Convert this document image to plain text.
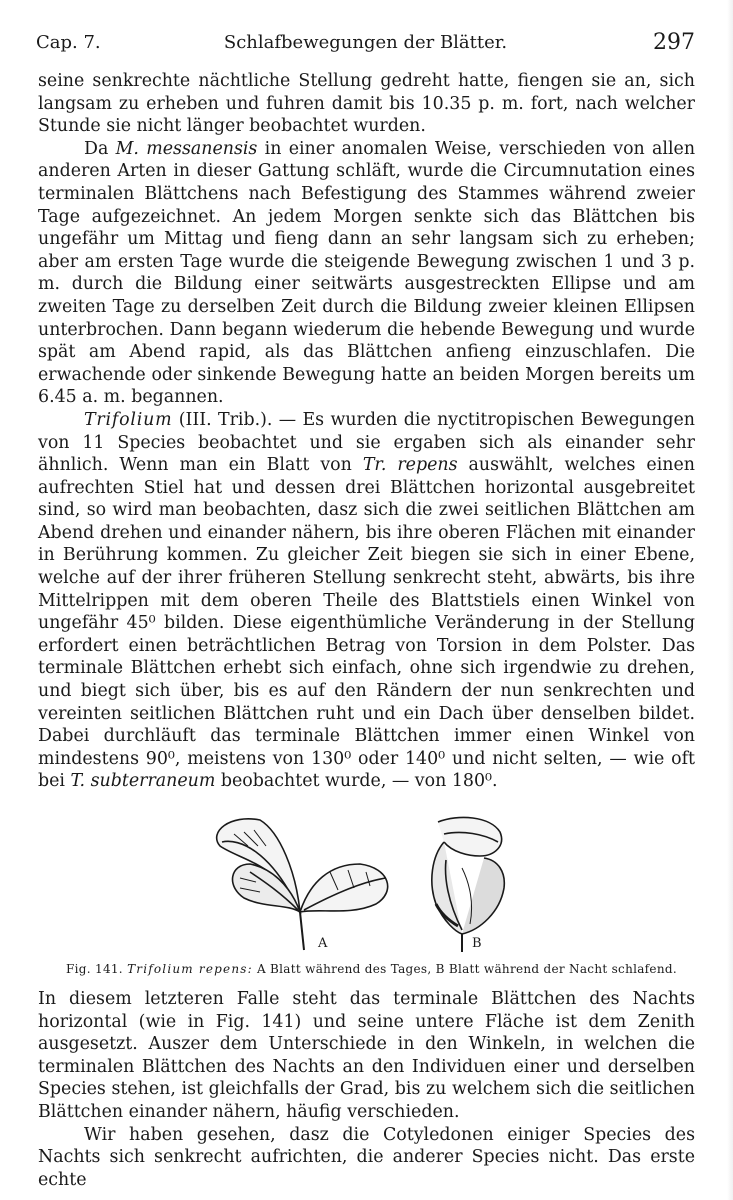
Cap. 7.	Schlafbewegungen der Blätter.	297

seine senkrechte nächtliche Stellung gedreht hatte, fiengen sie an, sich langsam zu erheben und fuhren damit bis 10.35 p. m. fort, nach welcher Stunde sie nicht länger beobachtet wurden.

Da M. messanensis in einer anomalen Weise, verschieden von allen anderen Arten in dieser Gattung schläft, wurde die Circumnutation eines terminalen Blättchens nach Befestigung des Stammes während zweier Tage aufgezeichnet. An jedem Morgen senkte sich das Blättchen bis ungefähr um Mittag und fieng dann an sehr langsam sich zu erheben; aber am ersten Tage wurde die steigende Bewegung zwischen 1 und 3 p. m. durch die Bildung einer seitwärts ausgestreckten Ellipse und am zweiten Tage zu derselben Zeit durch die Bildung zweier kleinen Ellipsen unterbrochen. Dann begann wiederum die hebende Bewegung und wurde spät am Abend rapid, als das Blättchen anfieng einzuschlafen. Die erwachende oder sinkende Bewegung hatte an beiden Morgen bereits um 6.45 a. m. begannen.

Trifolium (III. Trib.). — Es wurden die nyctitropischen Bewegungen von 11 Species beobachtet und sie ergaben sich als einander sehr ähnlich. Wenn man ein Blatt von Tr. repens auswählt, welches einen aufrechten Stiel hat und dessen drei Blättchen horizontal ausgebreitet sind, so wird man beobachten, dasz sich die zwei seitlichen Blättchen am Abend drehen und einander nähern, bis ihre oberen Flächen mit einander in Berührung kommen. Zu gleicher Zeit biegen sie sich in einer Ebene, welche auf der ihrer früheren Stellung senkrecht steht, abwärts, bis ihre Mittelrippen mit dem oberen Theile des Blattstiels einen Winkel von ungefähr 45⁰ bilden. Diese eigenthümliche Veränderung in der Stellung erfordert einen beträchtlichen Betrag von Torsion in dem Polster. Das terminale Blättchen erhebt sich einfach, ohne sich irgendwie zu drehen, und biegt sich über, bis es auf den Rändern der nun senkrechten und vereinten seitlichen Blättchen ruht und ein Dach über denselben bildet. Dabei durchläuft das terminale Blättchen immer einen Winkel von mindestens 90⁰, meistens von 130⁰ oder 140⁰ und nicht selten, — wie oft bei T. subterraneum beobachtet wurde, — von 180⁰.

A	B
Fig. 141. Trifolium repens: A Blatt während des Tages, B Blatt während der Nacht schlafend.

In diesem letzteren Falle steht das terminale Blättchen des Nachts horizontal (wie in Fig. 141) und seine untere Fläche ist dem Zenith ausgesetzt. Auszer dem Unterschiede in den Winkeln, in welchen die terminalen Blättchen des Nachts an den Individuen einer und derselben Species stehen, ist gleichfalls der Grad, bis zu welchem sich die seitlichen Blättchen einander nähern, häufig verschieden.

Wir haben gesehen, dasz die Cotyledonen einiger Species des Nachts sich senkrecht aufrichten, die anderer Species nicht. Das erste echte
